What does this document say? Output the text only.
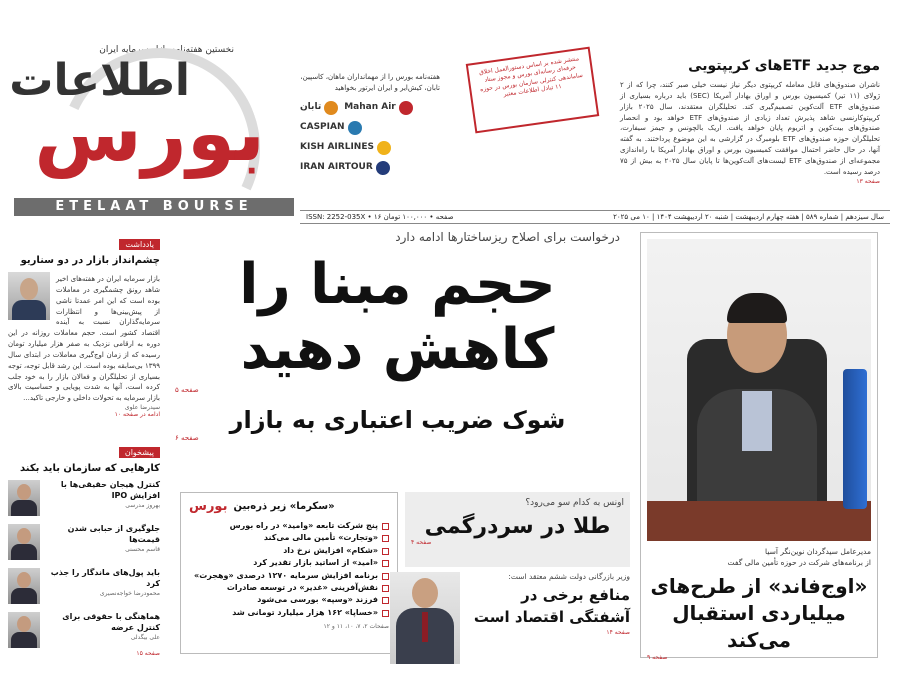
نخستین هفته‌نامه بازار سرمایه ایران
اطلاعات
بورس
ETELAAT BOURSE
هفته‌نامه بورس را از مهمانداران ماهان، کاسپین، تابان، کیش‌ایر و ایران ایرتور بخواهید
Mahan Air
تابان
CASPIAN
KISH AIRLINES
IRAN AIRTOUR
منتشر شده بر اساس دستورالعمل اخلاق حرفه‌ای رسانه‌ای بورس و مجوز ستاد ساماندهی کنترلی سازمان بورس در حوزه ۱۱ تبادل اطلاعات معتبر
موج جدید ETFهای کریپتویی
ناشران صندوق‌های قابل معامله کریپتوی دیگر نیاز نیست خیلی صبر کنند، چرا که از ۲ ژولای (۱۱ تیر) کمیسیون بورس و اوراق بهادار آمریکا (SEC) باید درباره بسیاری از صندوق‌های ETF آلت‌کوین تصمیم‌گیری کند. تحلیلگران معتقدند، سال ۲۰۲۵ بازار کریپتوکارنسی شاهد پذیرش تعداد زیادی از صندوق‌های ETF خواهد بود و انحصار صندوق‌های بیت‌کوین و اتریوم پایان خواهد یافت. اریک بالچونس و جیمز سیفارت، تحلیلگران حوزه صندوق‌های ETF بلومبرگ در گزارشی به این موضوع پرداختند. به گفته آنها، در حال حاضر احتمال موافقت کمیسیون بورس و اوراق بهادار آمریکا با راه‌اندازی مجموعه‌ای از صندوق‌های ETF لیست‌های آلت‌کوین‌ها تا پایان سال ۲۰۲۵ به بیش از ۷۵ درصد رسیده است.
صفحه ۱۳
ISSN: 2252-035X • ۱۶ صفحه • ۱۰۰,۰۰۰ تومان	سال سیزدهم | شماره ۵۸۹ | هفته چهارم اردیبهشت | شنبه ۲۰ اردیبهشت ۱۴۰۴ | ۱۰ می ۲۰۲۵
یادداشت
چشم‌انداز بازار در دو سناریو
بازار سرمایه ایران در هفته‌های اخیر شاهد رونق چشمگیری در معاملات بوده است که این امر عمدتا ناشی از پیش‌بینی‌ها و انتظارات سرمایه‌گذاران نسبت به آینده اقتصاد کشور است. حجم معاملات روزانه در این دوره به ارقامی نزدیک به صفر هزار میلیارد تومان رسیده که از زمان اوج‌گیری معاملات در ابتدای سال ۱۳۹۹ بی‌سابقه بوده است. این رشد قابل توجه، توجه بسیاری از تحلیلگران و فعالان بازار را به خود جلب کرده است، آنها به شدت پویایی و حساسیت بالای بازار سرمایه به تحولات داخلی و خارجی تاکید...
سیدرضا علوی
ادامه در صفحه ۱۰
پیشخوان
کارهایی که سازمان باید بکند
کنترل هیجان حقیقی‌ها با افزایش IPO
بهروز مدرسی
جلوگیری از حبابی شدن قیمت‌ها
قاسم محسنی
باید پول‌های ماندگار را جذب کرد
محمودرضا خواجه‌نصیری
هماهنگی با حقوقی برای کنترل عرضه
علی بیگدلی
صفحه ۱۵
درخواست برای اصلاح ریزساختارها ادامه دارد
حجم مبنا را
کاهش دهید
صفحه ۵
شوک ضریب اعتباری به بازار
صفحه ۶
«سکرما» زیر ذره‌بین
بورس
پنج شرکت تابعه «وامید» در راه بورس
«وتجارت» تأمین مالی می‌کند
«شکام» افزایش نرخ داد
«امید» از اساتید بازار تقدیر کرد
برنامه افزایش سرمایه ۱۲۷۰ درصدی «وهجرت»
نقش‌آفرینی «غدیر» در توسعه صادرات
فرزند «وسپه» بورسی می‌شود
«خساپا» ۱۶۲ هزار میلیارد تومانی شد
صفحات ۲، ۷، ۱۰، ۱۱ و ۱۲
اونس به کدام سو می‌رود؟
طلا در سردرگمی
صفحه ۴
وزیر بازرگانی دولت ششم معتقد است:
منافع برخی در آشفتگی اقتصاد است
صفحه ۱۴
مدیرعامل سیدگردان نوین‌نگر آسیا
از برنامه‌های شرکت در حوزه تأمین مالی گفت
«اوج‌فاند» از طرح‌های میلیاردی استقبال می‌کند
صفحه ۹
